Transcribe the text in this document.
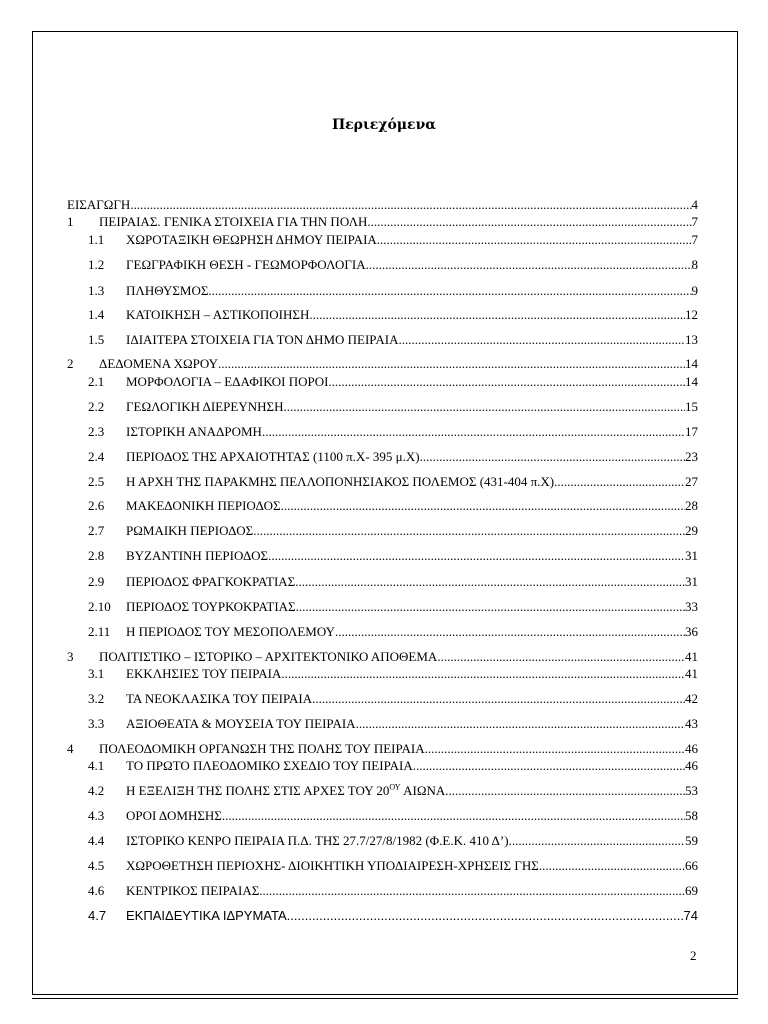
Περιεχόμενα
ΕΙΣΑΓΩΓΗ .....	4
1	ΠΕΙΡΑΙΑΣ. ΓΕΝΙΚΑ ΣΤΟΙΧΕΙΑ ΓΙΑ ΤΗΝ ΠΟΛΗ .....	7
1.1	ΧΩΡΟΤΑΞΙΚΗ ΘΕΩΡΗΣΗ ΔΗΜΟΥ ΠΕΙΡΑΙΑ .....	7
1.2	ΓΕΩΓΡΑΦΙΚΗ ΘΕΣΗ - ΓΕΩΜΟΡΦΟΛΟΓΙΑ .....	8
1.3	ΠΛΗΘΥΣΜΟΣ .....	9
1.4	ΚΑΤΟΙΚΗΣΗ – ΑΣΤΙΚΟΠΟΙΗΣΗ .....	12
1.5	ΙΔΙΑΙΤΕΡΑ ΣΤΟΙΧΕΙΑ ΓΙΑ ΤΟΝ ΔΗΜΟ ΠΕΙΡΑΙΑ .....	13
2	ΔΕΔΟΜΕΝΑ ΧΩΡΟΥ .....	14
2.1	ΜΟΡΦΟΛΟΓΙΑ – ΕΔΑΦΙΚΟΙ ΠΟΡΟΙ .....	14
2.2	ΓΕΩΛΟΓΙΚΗ ΔΙΕΡΕΥΝΗΣΗ .....	15
2.3	ΙΣΤΟΡΙΚΗ ΑΝΑΔΡΟΜΗ .....	17
2.4	ΠΕΡΙΟΔΟΣ ΤΗΣ ΑΡΧΑΙΟΤΗΤΑΣ (1100 π.Χ- 395 μ.Χ) .....	23
2.5	Η ΑΡΧΗ ΤΗΣ ΠΑΡΑΚΜΗΣ ΠΕΛΛΟΠΟΝΗΣΙΑΚΟΣ ΠΟΛΕΜΟΣ (431-404 π.Χ) .....	27
2.6	ΜΑΚΕΔΟΝΙΚΗ ΠΕΡΙΟΔΟΣ .....	28
2.7	ΡΩΜΑΙΚΗ ΠΕΡΙΟΔΟΣ .....	29
2.8	ΒΥΖΑΝΤΙΝΗ ΠΕΡΙΟΔΟΣ .....	31
2.9	ΠΕΡΙΟΔΟΣ ΦΡΑΓΚΟΚΡΑΤΙΑΣ .....	31
2.10	ΠΕΡΙΟΔΟΣ ΤΟΥΡΚΟΚΡΑΤΙΑΣ .....	33
2.11	Η ΠΕΡΙΟΔΟΣ ΤΟΥ ΜΕΣΟΠΟΛΕΜΟΥ .....	36
3	ΠΟΛΙΤΙΣΤΙΚΟ – ΙΣΤΟΡΙΚΟ – ΑΡΧΙΤΕΚΤΟΝΙΚΟ ΑΠΟΘΕΜΑ .....	41
3.1	ΕΚΚΛΗΣΙΕΣ ΤΟΥ ΠΕΙΡΑΙΑ .....	41
3.2	ΤΑ ΝΕΟΚΛΑΣΙΚΑ ΤΟΥ ΠΕΙΡΑΙΑ .....	42
3.3	ΑΞΙΟΘΕΑΤΑ & ΜΟΥΣΕΙΑ ΤΟΥ ΠΕΙΡΑΙΑ .....	43
4	ΠΟΛΕΟΔΟΜΙΚΗ ΟΡΓΑΝΩΣΗ ΤΗΣ ΠΟΛΗΣ ΤΟΥ ΠΕΙΡΑΙΑ .....	46
4.1	ΤΟ ΠΡΩΤΟ ΠΛΕΟΔΟΜΙΚΟ ΣΧΕΔΙΟ ΤΟΥ ΠΕΙΡΑΙΑ .....	46
4.2	Η ΕΞΕΛΙΞΗ ΤΗΣ ΠΟΛΗΣ ΣΤΙΣ ΑΡΧΕΣ ΤΟΥ $20^{O\Upsilon}$ ΑΙΩΝΑ .....	53
4.3	ΟΡΟΙ ΔΟΜΗΣΗΣ .....	58
4.4	ΙΣΤΟΡΙΚΟ ΚΕΝΡΟ ΠΕΙΡΑΙΑ Π.Δ. ΤΗΣ 27.7/27/8/1982 (Φ.Ε.Κ. 410 Δ’) .....	59
4.5	ΧΩΡΟΘΕΤΗΣΗ ΠΕΡΙΟΧΗΣ- ΔΙΟΙΚΗΤΙΚΗ ΥΠΟΔΙΑΙΡΕΣΗ-ΧΡΗΣΕΙΣ ΓΗΣ .....	66
4.6	ΚΕΝΤΡΙΚΟΣ ΠΕΙΡΑΙΑΣ .....	69
4.7	ΕΚΠΑΙΔΕΥΤΙΚΑ ΙΔΡΥΜΑΤΑ .....	74
2
